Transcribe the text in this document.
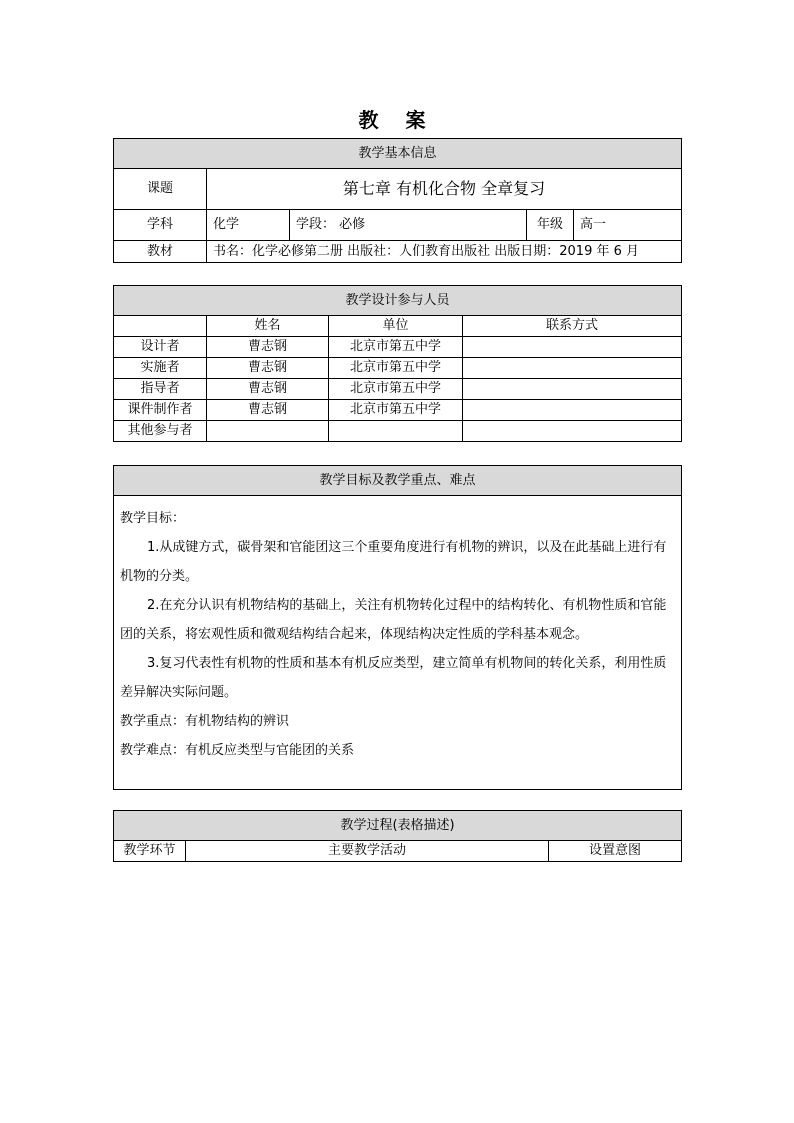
教 案
教学基本信息				
课题	第七章 有机化合物 全章复习			
学科	化学	学段： 必修	年级	高一
教材	书名：化学必修第二册 出版社：人们教育出版社 出版日期：2019 年 6 月			
教学设计参与人员			
	姓名	单位	联系方式
设计者	曹志钢	北京市第五中学	
实施者	曹志钢	北京市第五中学	
指导者	曹志钢	北京市第五中学	
课件制作者	曹志钢	北京市第五中学	
其他参与者			
教学目标及教学重点、难点

教学目标：

1.从成键方式，碳骨架和官能团这三个重要角度进行有机物的辨识，以及在此基础上进行有机物的分类。

2.在充分认识有机物结构的基础上，关注有机物转化过程中的结构转化、有机物性质和官能团的关系，将宏观性质和微观结构结合起来，体现结构决定性质的学科基本观念。

3.复习代表性有机物的性质和基本有机反应类型，建立简单有机物间的转化关系，利用性质差异解决实际问题。

教学重点：有机物结构的辨识

教学难点：有机反应类型与官能团的关系

教学过程(表格描述)
教学环节	主要教学活动	设置意图
